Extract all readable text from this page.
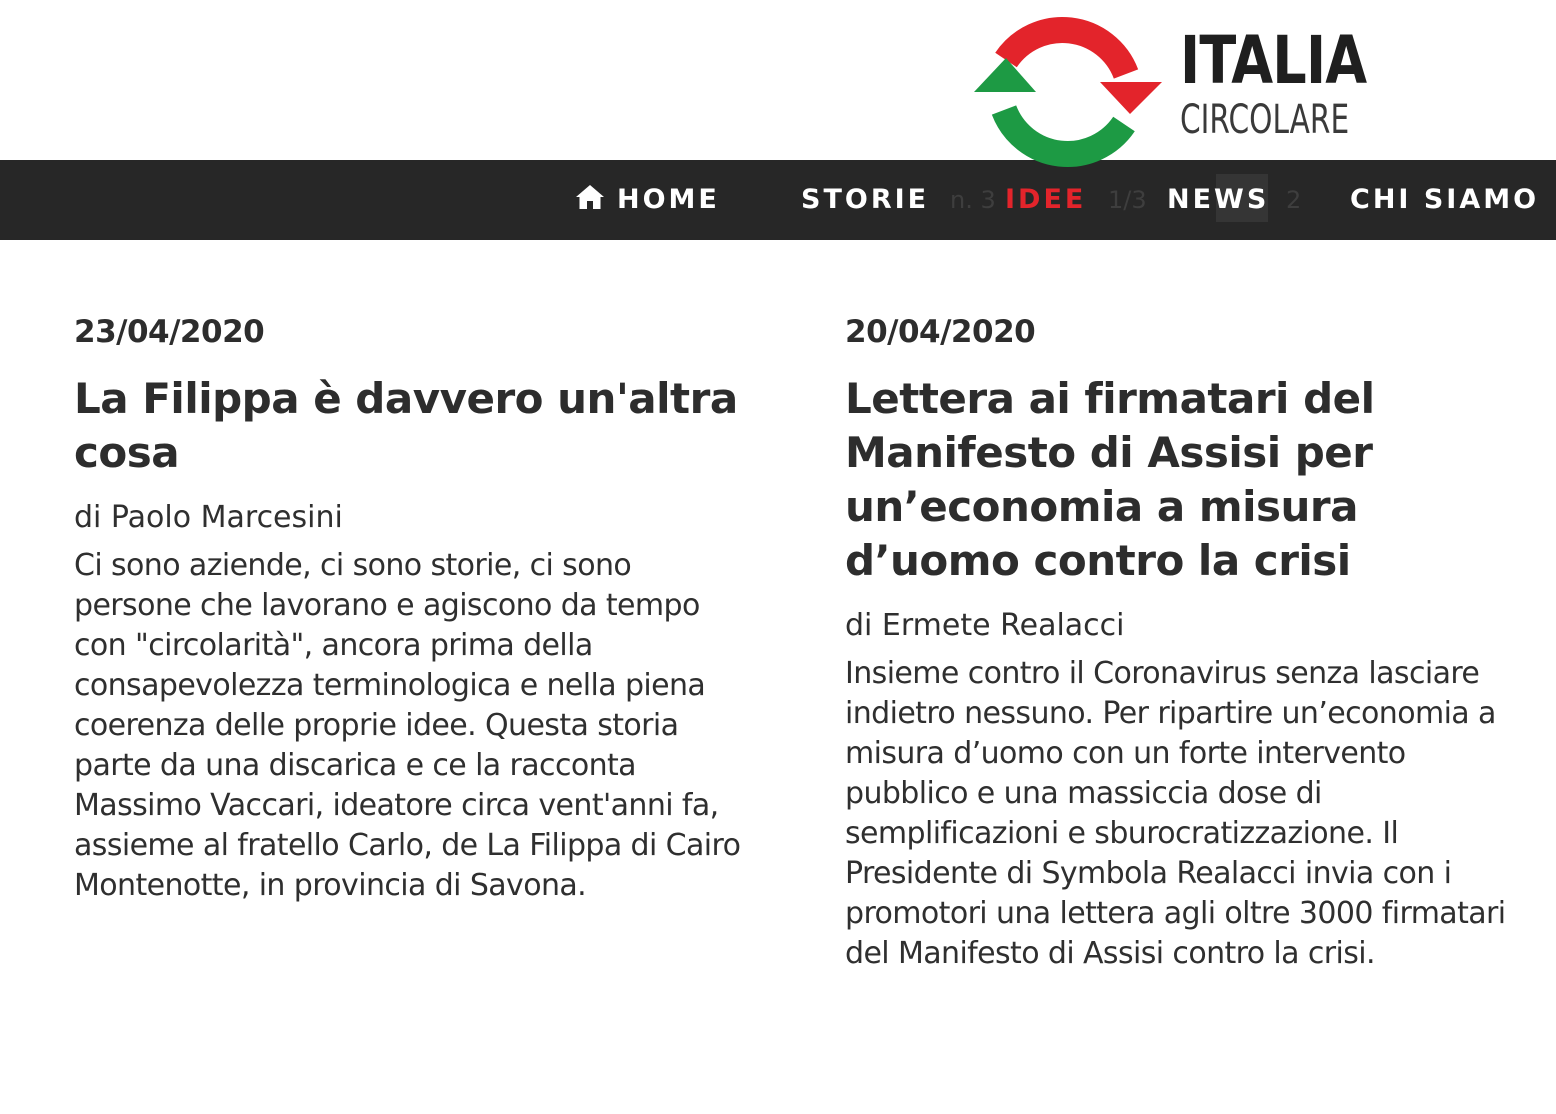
n. 3	1/3	2
HOME	STORIE	IDEE	NEWS	CHI SIAMO
ITALIA
CIRCOLARE
23/04/2020
La Filippa è davvero un'altra cosa
di Paolo Marcesini
Ci sono aziende, ci sono storie, ci sono persone che lavorano e agiscono da tempo con "circolarità", ancora prima della consapevolezza terminologica e nella piena coerenza delle proprie idee. Questa storia parte da una discarica e ce la racconta Massimo Vaccari, ideatore circa vent'anni fa, assieme al fratello Carlo, de La Filippa di Cairo Montenotte, in provincia di Savona.
20/04/2020
Lettera ai firmatari del Manifesto di Assisi per un’economia a misura d’uomo contro la crisi
di Ermete Realacci
Insieme contro il Coronavirus senza lasciare indietro nessuno. Per ripartire un’economia a misura d’uomo con un forte intervento pubblico e una massiccia dose di semplificazioni e sburocratizzazione. Il Presidente di Symbola Realacci invia con i promotori una lettera agli oltre 3000 firmatari del Manifesto di Assisi contro la crisi.
